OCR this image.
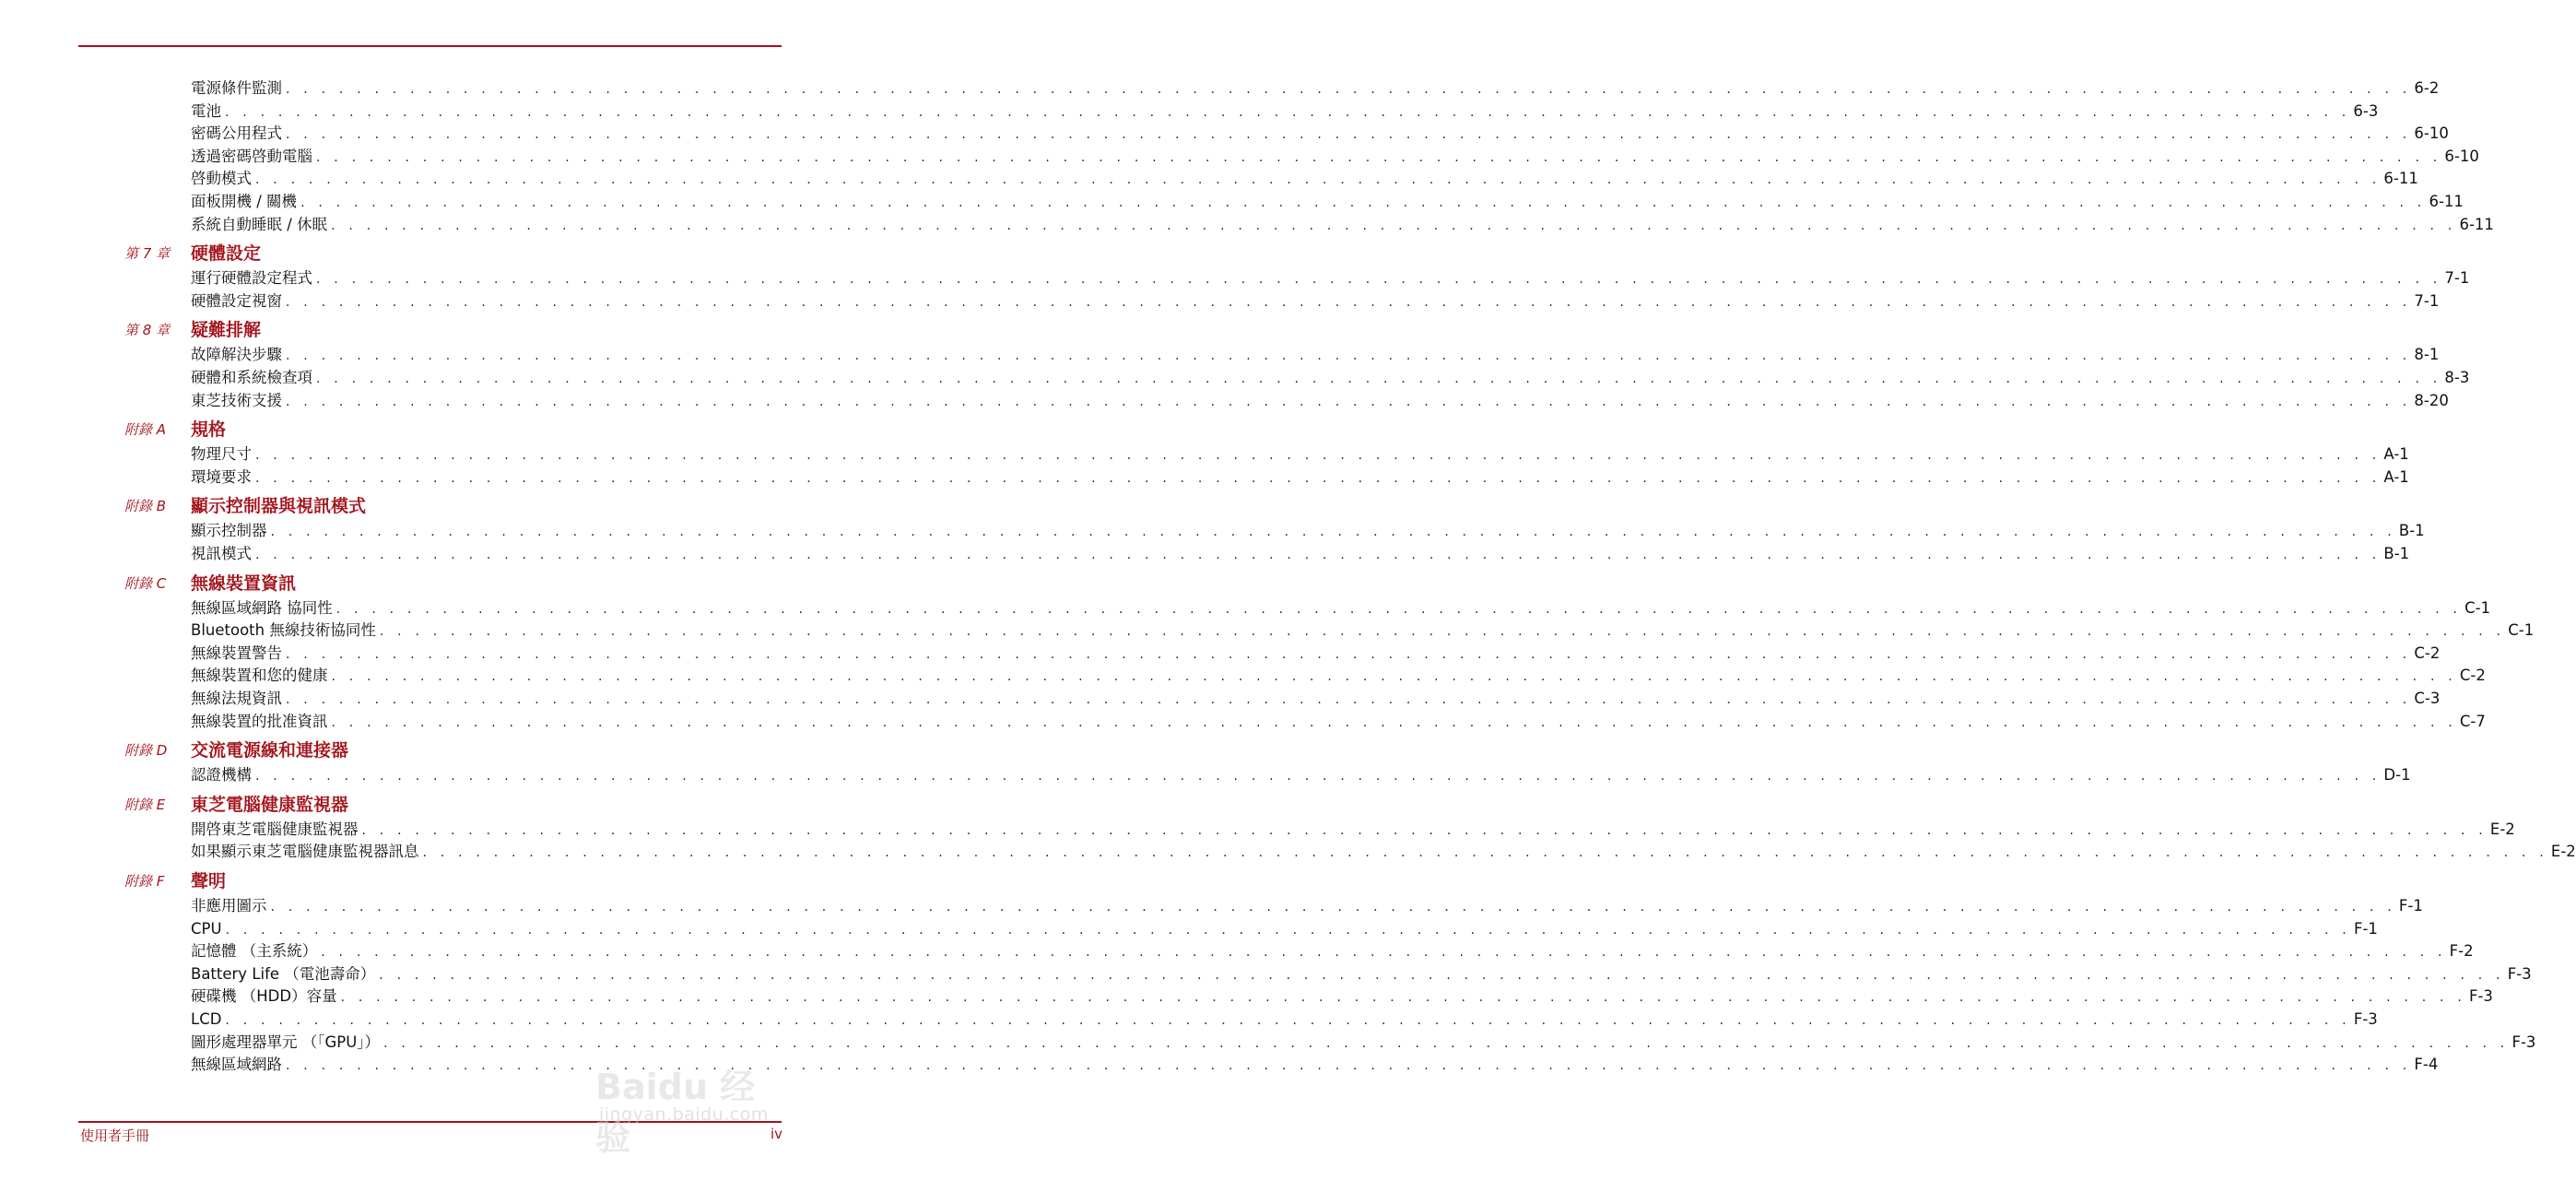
電源條件監測 . . . . . . . . . . . . . . . . . . . . . . . . . . . . . . . . . . . . . . . . . . . . . . . . . . . . . . . . . . . . . . . . . . . . . . . . . . . . . . . . . . . . . . . . . . . . . . . . . . . . . . . . . . . . . . . . . . . . . . . . 6-2
電池 . . . . . . . . . . . . . . . . . . . . . . . . . . . . . . . . . . . . . . . . . . . . . . . . . . . . . . . . . . . . . . . . . . . . . . . . . . . . . . . . . . . . . . . . . . . . . . . . . . . . . . . . . . . . . . . . . . . . . . . . 6-3
密碼公用程式 . . . . . . . . . . . . . . . . . . . . . . . . . . . . . . . . . . . . . . . . . . . . . . . . . . . . . . . . . . . . . . . . . . . . . . . . . . . . . . . . . . . . . . . . . . . . . . . . . . . . . . . . . . . . . . . . . . . . . . . . 6-10
透過密碼啓動電腦 . . . . . . . . . . . . . . . . . . . . . . . . . . . . . . . . . . . . . . . . . . . . . . . . . . . . . . . . . . . . . . . . . . . . . . . . . . . . . . . . . . . . . . . . . . . . . . . . . . . . . . . . . . . . . . . . . . . . . . . . 6-10
啓動模式 . . . . . . . . . . . . . . . . . . . . . . . . . . . . . . . . . . . . . . . . . . . . . . . . . . . . . . . . . . . . . . . . . . . . . . . . . . . . . . . . . . . . . . . . . . . . . . . . . . . . . . . . . . . . . . . . . . . . . . . . 6-11
面板開機 / 關機 . . . . . . . . . . . . . . . . . . . . . . . . . . . . . . . . . . . . . . . . . . . . . . . . . . . . . . . . . . . . . . . . . . . . . . . . . . . . . . . . . . . . . . . . . . . . . . . . . . . . . . . . . . . . . . . . . . . . . . . . 6-11
系統自動睡眠 / 休眠 . . . . . . . . . . . . . . . . . . . . . . . . . . . . . . . . . . . . . . . . . . . . . . . . . . . . . . . . . . . . . . . . . . . . . . . . . . . . . . . . . . . . . . . . . . . . . . . . . . . . . . . . . . . . . . . . . . . . . . . . 6-11
第 7 章	硬體設定
運行硬體設定程式 . . . . . . . . . . . . . . . . . . . . . . . . . . . . . . . . . . . . . . . . . . . . . . . . . . . . . . . . . . . . . . . . . . . . . . . . . . . . . . . . . . . . . . . . . . . . . . . . . . . . . . . . . . . . . . . . . . . . . . . . 7-1
硬體設定視窗 . . . . . . . . . . . . . . . . . . . . . . . . . . . . . . . . . . . . . . . . . . . . . . . . . . . . . . . . . . . . . . . . . . . . . . . . . . . . . . . . . . . . . . . . . . . . . . . . . . . . . . . . . . . . . . . . . . . . . . . . 7-1
第 8 章	疑難排解
故障解決步驟 . . . . . . . . . . . . . . . . . . . . . . . . . . . . . . . . . . . . . . . . . . . . . . . . . . . . . . . . . . . . . . . . . . . . . . . . . . . . . . . . . . . . . . . . . . . . . . . . . . . . . . . . . . . . . . . . . . . . . . . . 8-1
硬體和系統檢查項 . . . . . . . . . . . . . . . . . . . . . . . . . . . . . . . . . . . . . . . . . . . . . . . . . . . . . . . . . . . . . . . . . . . . . . . . . . . . . . . . . . . . . . . . . . . . . . . . . . . . . . . . . . . . . . . . . . . . . . . . 8-3
東芝技術支援 . . . . . . . . . . . . . . . . . . . . . . . . . . . . . . . . . . . . . . . . . . . . . . . . . . . . . . . . . . . . . . . . . . . . . . . . . . . . . . . . . . . . . . . . . . . . . . . . . . . . . . . . . . . . . . . . . . . . . . . . 8-20
附錄 A	規格
物理尺寸 . . . . . . . . . . . . . . . . . . . . . . . . . . . . . . . . . . . . . . . . . . . . . . . . . . . . . . . . . . . . . . . . . . . . . . . . . . . . . . . . . . . . . . . . . . . . . . . . . . . . . . . . . . . . . . . . . . . . . . . . A-1
環境要求 . . . . . . . . . . . . . . . . . . . . . . . . . . . . . . . . . . . . . . . . . . . . . . . . . . . . . . . . . . . . . . . . . . . . . . . . . . . . . . . . . . . . . . . . . . . . . . . . . . . . . . . . . . . . . . . . . . . . . . . . A-1
附錄 B	顯示控制器與視訊模式
顯示控制器 . . . . . . . . . . . . . . . . . . . . . . . . . . . . . . . . . . . . . . . . . . . . . . . . . . . . . . . . . . . . . . . . . . . . . . . . . . . . . . . . . . . . . . . . . . . . . . . . . . . . . . . . . . . . . . . . . . . . . . . . B-1
視訊模式 . . . . . . . . . . . . . . . . . . . . . . . . . . . . . . . . . . . . . . . . . . . . . . . . . . . . . . . . . . . . . . . . . . . . . . . . . . . . . . . . . . . . . . . . . . . . . . . . . . . . . . . . . . . . . . . . . . . . . . . . B-1
附錄 C	無線裝置資訊
無線區域網路 協同性 . . . . . . . . . . . . . . . . . . . . . . . . . . . . . . . . . . . . . . . . . . . . . . . . . . . . . . . . . . . . . . . . . . . . . . . . . . . . . . . . . . . . . . . . . . . . . . . . . . . . . . . . . . . . . . . . . . . . . . . . C-1
Bluetooth 無線技術協同性 . . . . . . . . . . . . . . . . . . . . . . . . . . . . . . . . . . . . . . . . . . . . . . . . . . . . . . . . . . . . . . . . . . . . . . . . . . . . . . . . . . . . . . . . . . . . . . . . . . . . . . . . . . . . . . . . . . . . . . . . C-1
無線裝置警告 . . . . . . . . . . . . . . . . . . . . . . . . . . . . . . . . . . . . . . . . . . . . . . . . . . . . . . . . . . . . . . . . . . . . . . . . . . . . . . . . . . . . . . . . . . . . . . . . . . . . . . . . . . . . . . . . . . . . . . . . C-2
無線裝置和您的健康 . . . . . . . . . . . . . . . . . . . . . . . . . . . . . . . . . . . . . . . . . . . . . . . . . . . . . . . . . . . . . . . . . . . . . . . . . . . . . . . . . . . . . . . . . . . . . . . . . . . . . . . . . . . . . . . . . . . . . . . . C-2
無線法規資訊 . . . . . . . . . . . . . . . . . . . . . . . . . . . . . . . . . . . . . . . . . . . . . . . . . . . . . . . . . . . . . . . . . . . . . . . . . . . . . . . . . . . . . . . . . . . . . . . . . . . . . . . . . . . . . . . . . . . . . . . . C-3
無線裝置的批准資訊 . . . . . . . . . . . . . . . . . . . . . . . . . . . . . . . . . . . . . . . . . . . . . . . . . . . . . . . . . . . . . . . . . . . . . . . . . . . . . . . . . . . . . . . . . . . . . . . . . . . . . . . . . . . . . . . . . . . . . . . . C-7
附錄 D	交流電源線和連接器
認證機構 . . . . . . . . . . . . . . . . . . . . . . . . . . . . . . . . . . . . . . . . . . . . . . . . . . . . . . . . . . . . . . . . . . . . . . . . . . . . . . . . . . . . . . . . . . . . . . . . . . . . . . . . . . . . . . . . . . . . . . . . D-1
附錄 E	東芝電腦健康監視器
開啓東芝電腦健康監視器 . . . . . . . . . . . . . . . . . . . . . . . . . . . . . . . . . . . . . . . . . . . . . . . . . . . . . . . . . . . . . . . . . . . . . . . . . . . . . . . . . . . . . . . . . . . . . . . . . . . . . . . . . . . . . . . . . . . . . . . . E-2
如果顯示東芝電腦健康監視器訊息 . . . . . . . . . . . . . . . . . . . . . . . . . . . . . . . . . . . . . . . . . . . . . . . . . . . . . . . . . . . . . . . . . . . . . . . . . . . . . . . . . . . . . . . . . . . . . . . . . . . . . . . . . . . . . . . . . . . . . . . . E-2
附錄 F	聲明
非應用圖示 . . . . . . . . . . . . . . . . . . . . . . . . . . . . . . . . . . . . . . . . . . . . . . . . . . . . . . . . . . . . . . . . . . . . . . . . . . . . . . . . . . . . . . . . . . . . . . . . . . . . . . . . . . . . . . . . . . . . . . . . F-1
CPU . . . . . . . . . . . . . . . . . . . . . . . . . . . . . . . . . . . . . . . . . . . . . . . . . . . . . . . . . . . . . . . . . . . . . . . . . . . . . . . . . . . . . . . . . . . . . . . . . . . . . . . . . . . . . . . . . . . . . . . . F-1
記憶體 （主系統） . . . . . . . . . . . . . . . . . . . . . . . . . . . . . . . . . . . . . . . . . . . . . . . . . . . . . . . . . . . . . . . . . . . . . . . . . . . . . . . . . . . . . . . . . . . . . . . . . . . . . . . . . . . . . . . . . . . . . . . . F-2
Battery Life （電池壽命） . . . . . . . . . . . . . . . . . . . . . . . . . . . . . . . . . . . . . . . . . . . . . . . . . . . . . . . . . . . . . . . . . . . . . . . . . . . . . . . . . . . . . . . . . . . . . . . . . . . . . . . . . . . . . . . . . . . . . . . . F-3
硬碟機 （HDD）容量 . . . . . . . . . . . . . . . . . . . . . . . . . . . . . . . . . . . . . . . . . . . . . . . . . . . . . . . . . . . . . . . . . . . . . . . . . . . . . . . . . . . . . . . . . . . . . . . . . . . . . . . . . . . . . . . . . . . . . . . . F-3
LCD . . . . . . . . . . . . . . . . . . . . . . . . . . . . . . . . . . . . . . . . . . . . . . . . . . . . . . . . . . . . . . . . . . . . . . . . . . . . . . . . . . . . . . . . . . . . . . . . . . . . . . . . . . . . . . . . . . . . . . . . F-3
圖形處理器單元 （「GPU」） . . . . . . . . . . . . . . . . . . . . . . . . . . . . . . . . . . . . . . . . . . . . . . . . . . . . . . . . . . . . . . . . . . . . . . . . . . . . . . . . . . . . . . . . . . . . . . . . . . . . . . . . . . . . . . . . . . . . . . . . F-3
無線區域網路 . . . . . . . . . . . . . . . . . . . . . . . . . . . . . . . . . . . . . . . . . . . . . . . . . . . . . . . . . . . . . . . . . . . . . . . . . . . . . . . . . . . . . . . . . . . . . . . . . . . . . . . . . . . . . . . . . . . . . . . . F-4
使用者手冊	iv
Baidu 经验
jingyan.baidu.com
